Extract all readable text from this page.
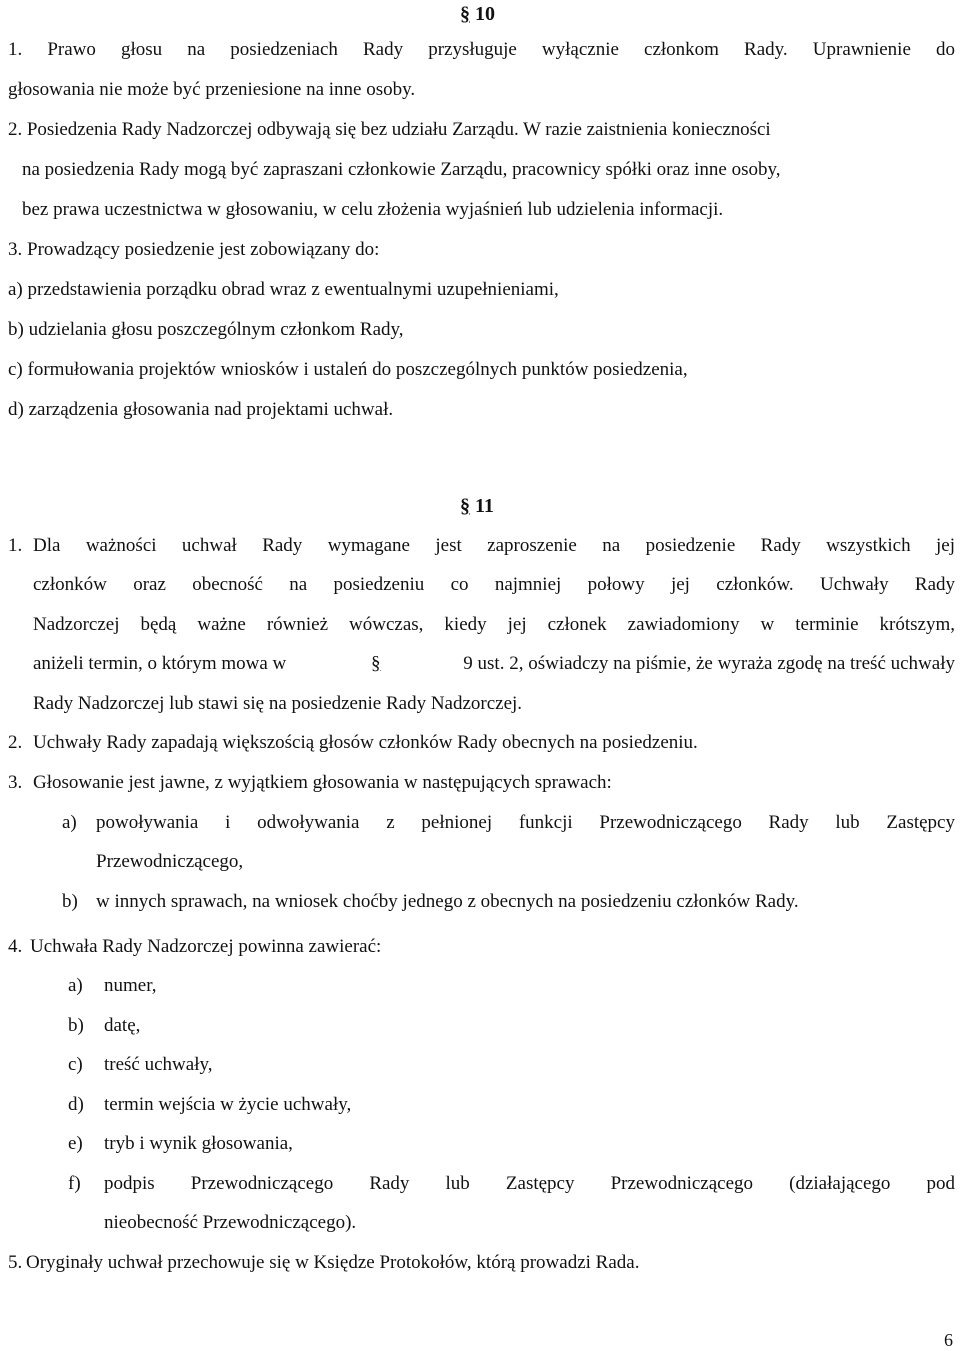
§ 10
1. Prawo głosu na posiedzeniach Rady przysługuje wyłącznie członkom Rady. Uprawnienie do
głosowania nie może być przeniesione na inne osoby.
2. Posiedzenia Rady Nadzorczej odbywają się bez udziału Zarządu. W razie zaistnienia konieczności
na posiedzenia Rady mogą być zapraszani członkowie Zarządu, pracownicy spółki oraz inne osoby,
bez prawa uczestnictwa w głosowaniu, w celu złożenia wyjaśnień lub udzielenia informacji.
3. Prowadzący posiedzenie jest zobowiązany do:
a) przedstawienia porządku obrad wraz z ewentualnymi uzupełnieniami,
b) udzielania głosu poszczególnym członkom Rady,
c) formułowania projektów wniosków i ustaleń do poszczególnych punktów posiedzenia,
d) zarządzenia głosowania nad projektami uchwał.
§ 11
1. Dla ważności uchwał Rady wymagane jest zaproszenie na posiedzenie Rady wszystkich jej
członków oraz obecność na posiedzeniu co najmniej połowy jej członków. Uchwały Rady
Nadzorczej będą ważne również wówczas, kiedy jej członek zawiadomiony w terminie krótszym,
aniżeli termin, o którym mowa w	§	9 ust. 2, oświadczy na piśmie, że wyraża zgodę na treść uchwały
Rady Nadzorczej lub stawi się na posiedzenie Rady Nadzorczej.
2. Uchwały Rady zapadają większością głosów członków Rady obecnych na posiedzeniu.
3. Głosowanie jest jawne, z wyjątkiem głosowania w następujących sprawach:
a) powoływania i odwoływania z pełnionej funkcji Przewodniczącego Rady lub Zastępcy
Przewodniczącego,
b) w innych sprawach, na wniosek choćby jednego z obecnych na posiedzeniu członków Rady.
4. Uchwała Rady Nadzorczej powinna zawierać:
a) numer,
b) datę,
c) treść uchwały,
d) termin wejścia w życie uchwały,
e) tryb i wynik głosowania,
f) podpis Przewodniczącego Rady lub Zastępcy Przewodniczącego (działającego pod
nieobecność Przewodniczącego).
5. Oryginały uchwał przechowuje się w Księdze Protokołów, którą prowadzi Rada.
6
